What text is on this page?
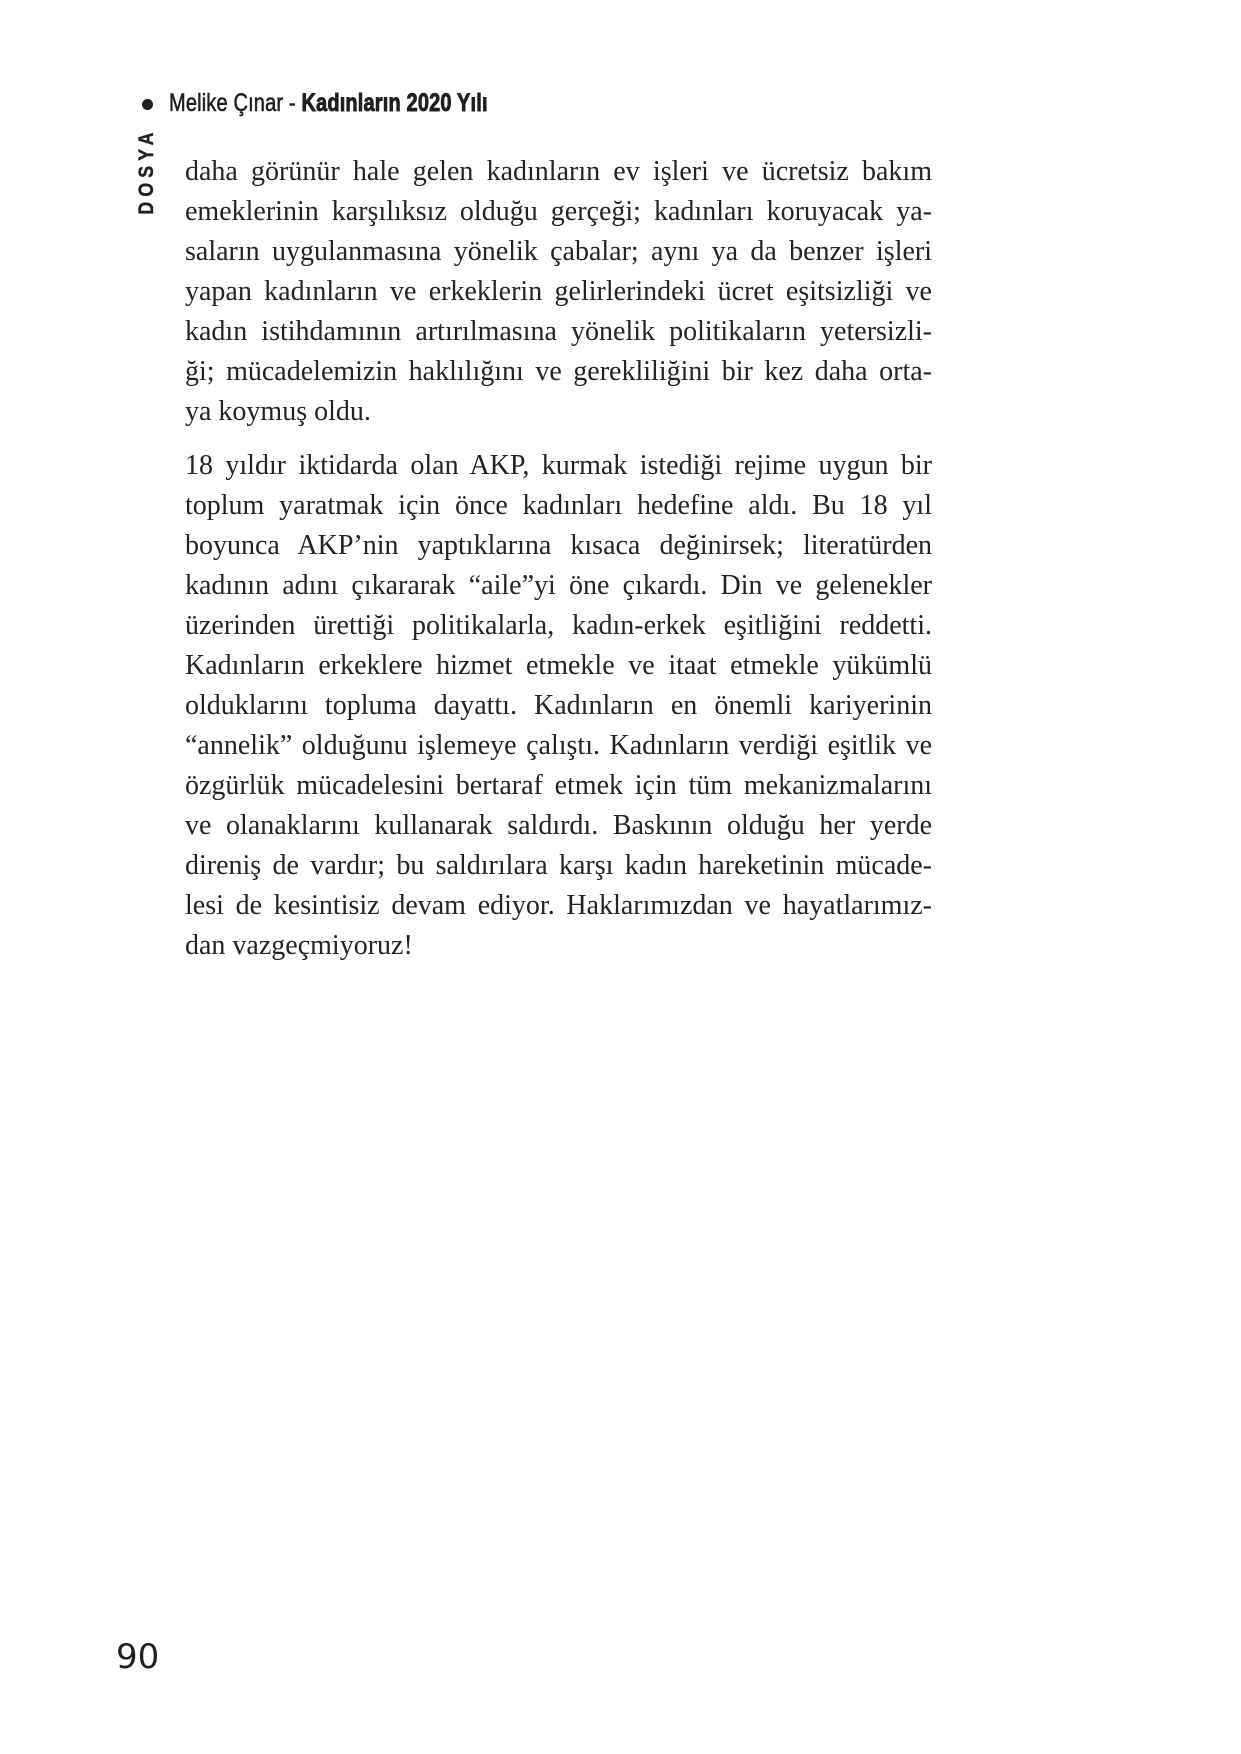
Melike Çınar - Kadınların 2020 Yılı
DOSYA daha görünür hale gelen kadınların ev işleri ve ücretsiz bakım
emeklerinin karşılıksız olduğu gerçeği; kadınları koruyacak ya-
saların uygulanmasına yönelik çabalar; aynı ya da benzer işleri
yapan kadınların ve erkeklerin gelirlerindeki ücret eşitsizliği ve
kadın istihdamının artırılmasına yönelik politikaların yetersizli-
ği; mücadelemizin haklılığını ve gerekliliğini bir kez daha orta-
ya koymuş oldu.
18 yıldır iktidarda olan AKP, kurmak istediği rejime uygun bir
toplum yaratmak için önce kadınları hedefine aldı. Bu 18 yıl
boyunca AKP’nin yaptıklarına kısaca değinirsek; literatürden
kadının adını çıkararak “aile”yi öne çıkardı. Din ve gelenekler
üzerinden ürettiği politikalarla, kadın-erkek eşitliğini reddetti.
Kadınların erkeklere hizmet etmekle ve itaat etmekle yükümlü
olduklarını topluma dayattı. Kadınların en önemli kariyerinin
“annelik” olduğunu işlemeye çalıştı. Kadınların verdiği eşitlik ve
özgürlük mücadelesini bertaraf etmek için tüm mekanizmalarını
ve olanaklarını kullanarak saldırdı. Baskının olduğu her yerde
direniş de vardır; bu saldırılara karşı kadın hareketinin mücade-
lesi de kesintisiz devam ediyor. Haklarımızdan ve hayatlarımız-
dan vazgeçmiyoruz!
90
